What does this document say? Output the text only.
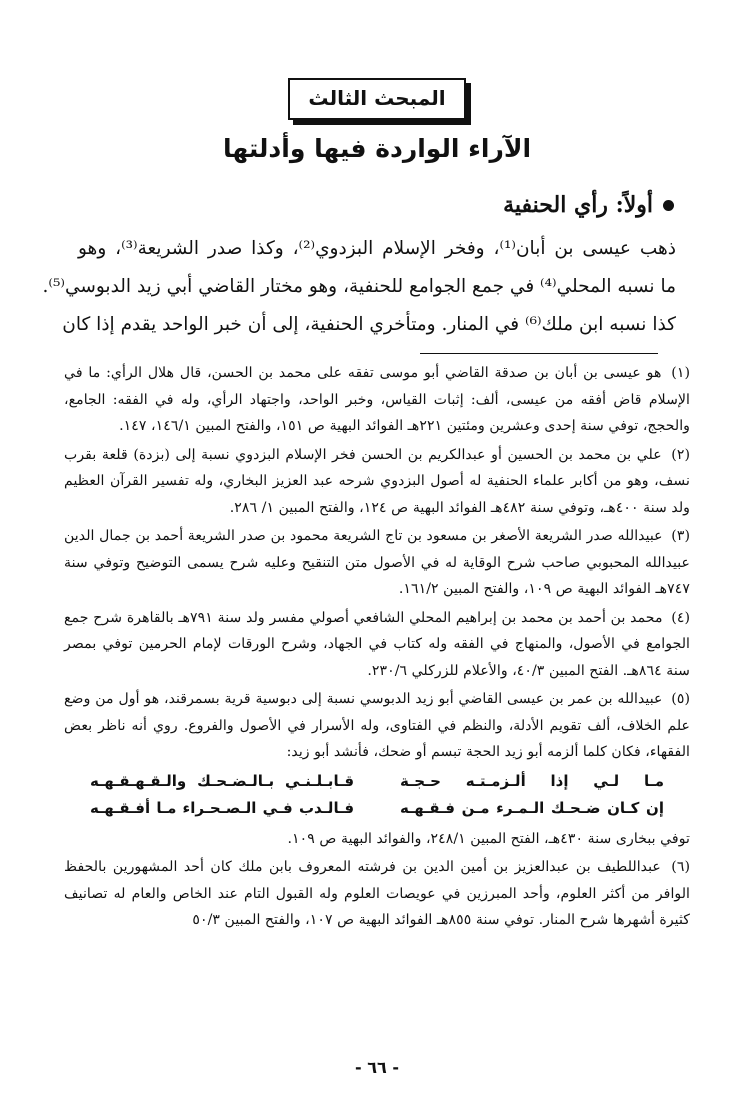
المبحث الثالث
الآراء الواردة فيها وأدلتها
أولاً: رأي الحنفية
ذهب عيسى بن أبان⁽¹⁾، وفخر الإسلام البزدوي⁽²⁾، وكذا صدر الشريعة⁽³⁾، وهو
ما نسبه المحلي⁽⁴⁾ في جمع الجوامع للحنفية، وهو مختار القاضي أبي زيد الدبوسي⁽⁵⁾.
كذا نسبه ابن ملك⁽⁶⁾ في المنار. ومتأخري الحنفية، إلى أن خبر الواحد يقدم إذا كان

(١) هو عيسى بن أبان بن صدقة القاضي أبو موسى تفقه على محمد بن الحسن، قال هلال الرأي: ما في الإسلام قاض أفقه من عيسى، ألف: إثبات القياس، وخبر الواحد، واجتهاد الرأي، وله في الفقه: الجامع، والحجج، توفي سنة إحدى وعشرين ومئتين ٢٢١هـ الفوائد البهية ص ١٥١، والفتح المبين ١٤٦/١، ١٤٧.

(٢) علي بن محمد بن الحسين أو عبدالكريم بن الحسن فخر الإسلام البزدوي نسبة إلى (بزدة) قلعة بقرب نسف، وهو من أكابر علماء الحنفية له أصول البزدوي شرحه عبد العزيز البخاري، وله تفسير القرآن العظيم ولد سنة ٤٠٠هـ، وتوفي سنة ٤٨٢هـ الفوائد البهية ص ١٢٤، والفتح المبين ١/ ٢٨٦.

(٣) عبيدالله صدر الشريعة الأصغر بن مسعود بن تاج الشريعة محمود بن صدر الشريعة أحمد بن جمال الدين عبيدالله المحبوبي صاحب شرح الوقاية له في الأصول متن التنقيح وعليه شرح يسمى التوضيح وتوفي سنة ٧٤٧هـ الفوائد البهية ص ١٠٩، والفتح المبين ١٦١/٢.

(٤) محمد بن أحمد بن محمد بن إبراهيم المحلي الشافعي أصولي مفسر ولد سنة ٧٩١هـ بالقاهرة شرح جمع الجوامع في الأصول، والمنهاج في الفقه وله كتاب في الجهاد، وشرح الورقات لإمام الحرمين توفي بمصر سنة ٨٦٤هـ. الفتح المبين ٤٠/٣، والأعلام للزركلي ٢٣٠/٦.

(٥) عبيدالله بن عمر بن عيسى القاضي أبو زيد الدبوسي نسبة إلى دبوسية قرية بسمرقند، هو أول من وضع علم الخلاف، ألف تقويم الأدلة، والنظم في الفتاوى، وله الأسرار في الأصول والفروع. روي أنه ناظر بعض الفقهاء، فكان كلما ألزمه أبو زيد الحجة تبسم أو ضحك، فأنشد أبو زيد:

مـا لـي إذا ألـزمـتـه حـجـة
قـابـلـنـي بـالـضـحـك والـقـهـقـهـه
إن كـان ضـحـك الـمـرء مـن فـقـهـه
فـالـدب فـي الـصـحـراء مـا أفـقـهـه

توفي ببخارى سنة ٤٣٠هـ، الفتح المبين ٢٤٨/١، والفوائد البهية ص ١٠٩.

(٦) عبداللطيف بن عبدالعزيز بن أمين الدين بن فرشته المعروف بابن ملك كان أحد المشهورين بالحفظ الوافر من أكثر العلوم، وأحد المبرزين في عويصات العلوم وله القبول التام عند الخاص والعام له تصانيف كثيرة أشهرها شرح المنار. توفي سنة ٨٥٥هـ الفوائد البهية ص ١٠٧، والفتح المبين ٥٠/٣

- ٦٦ -
